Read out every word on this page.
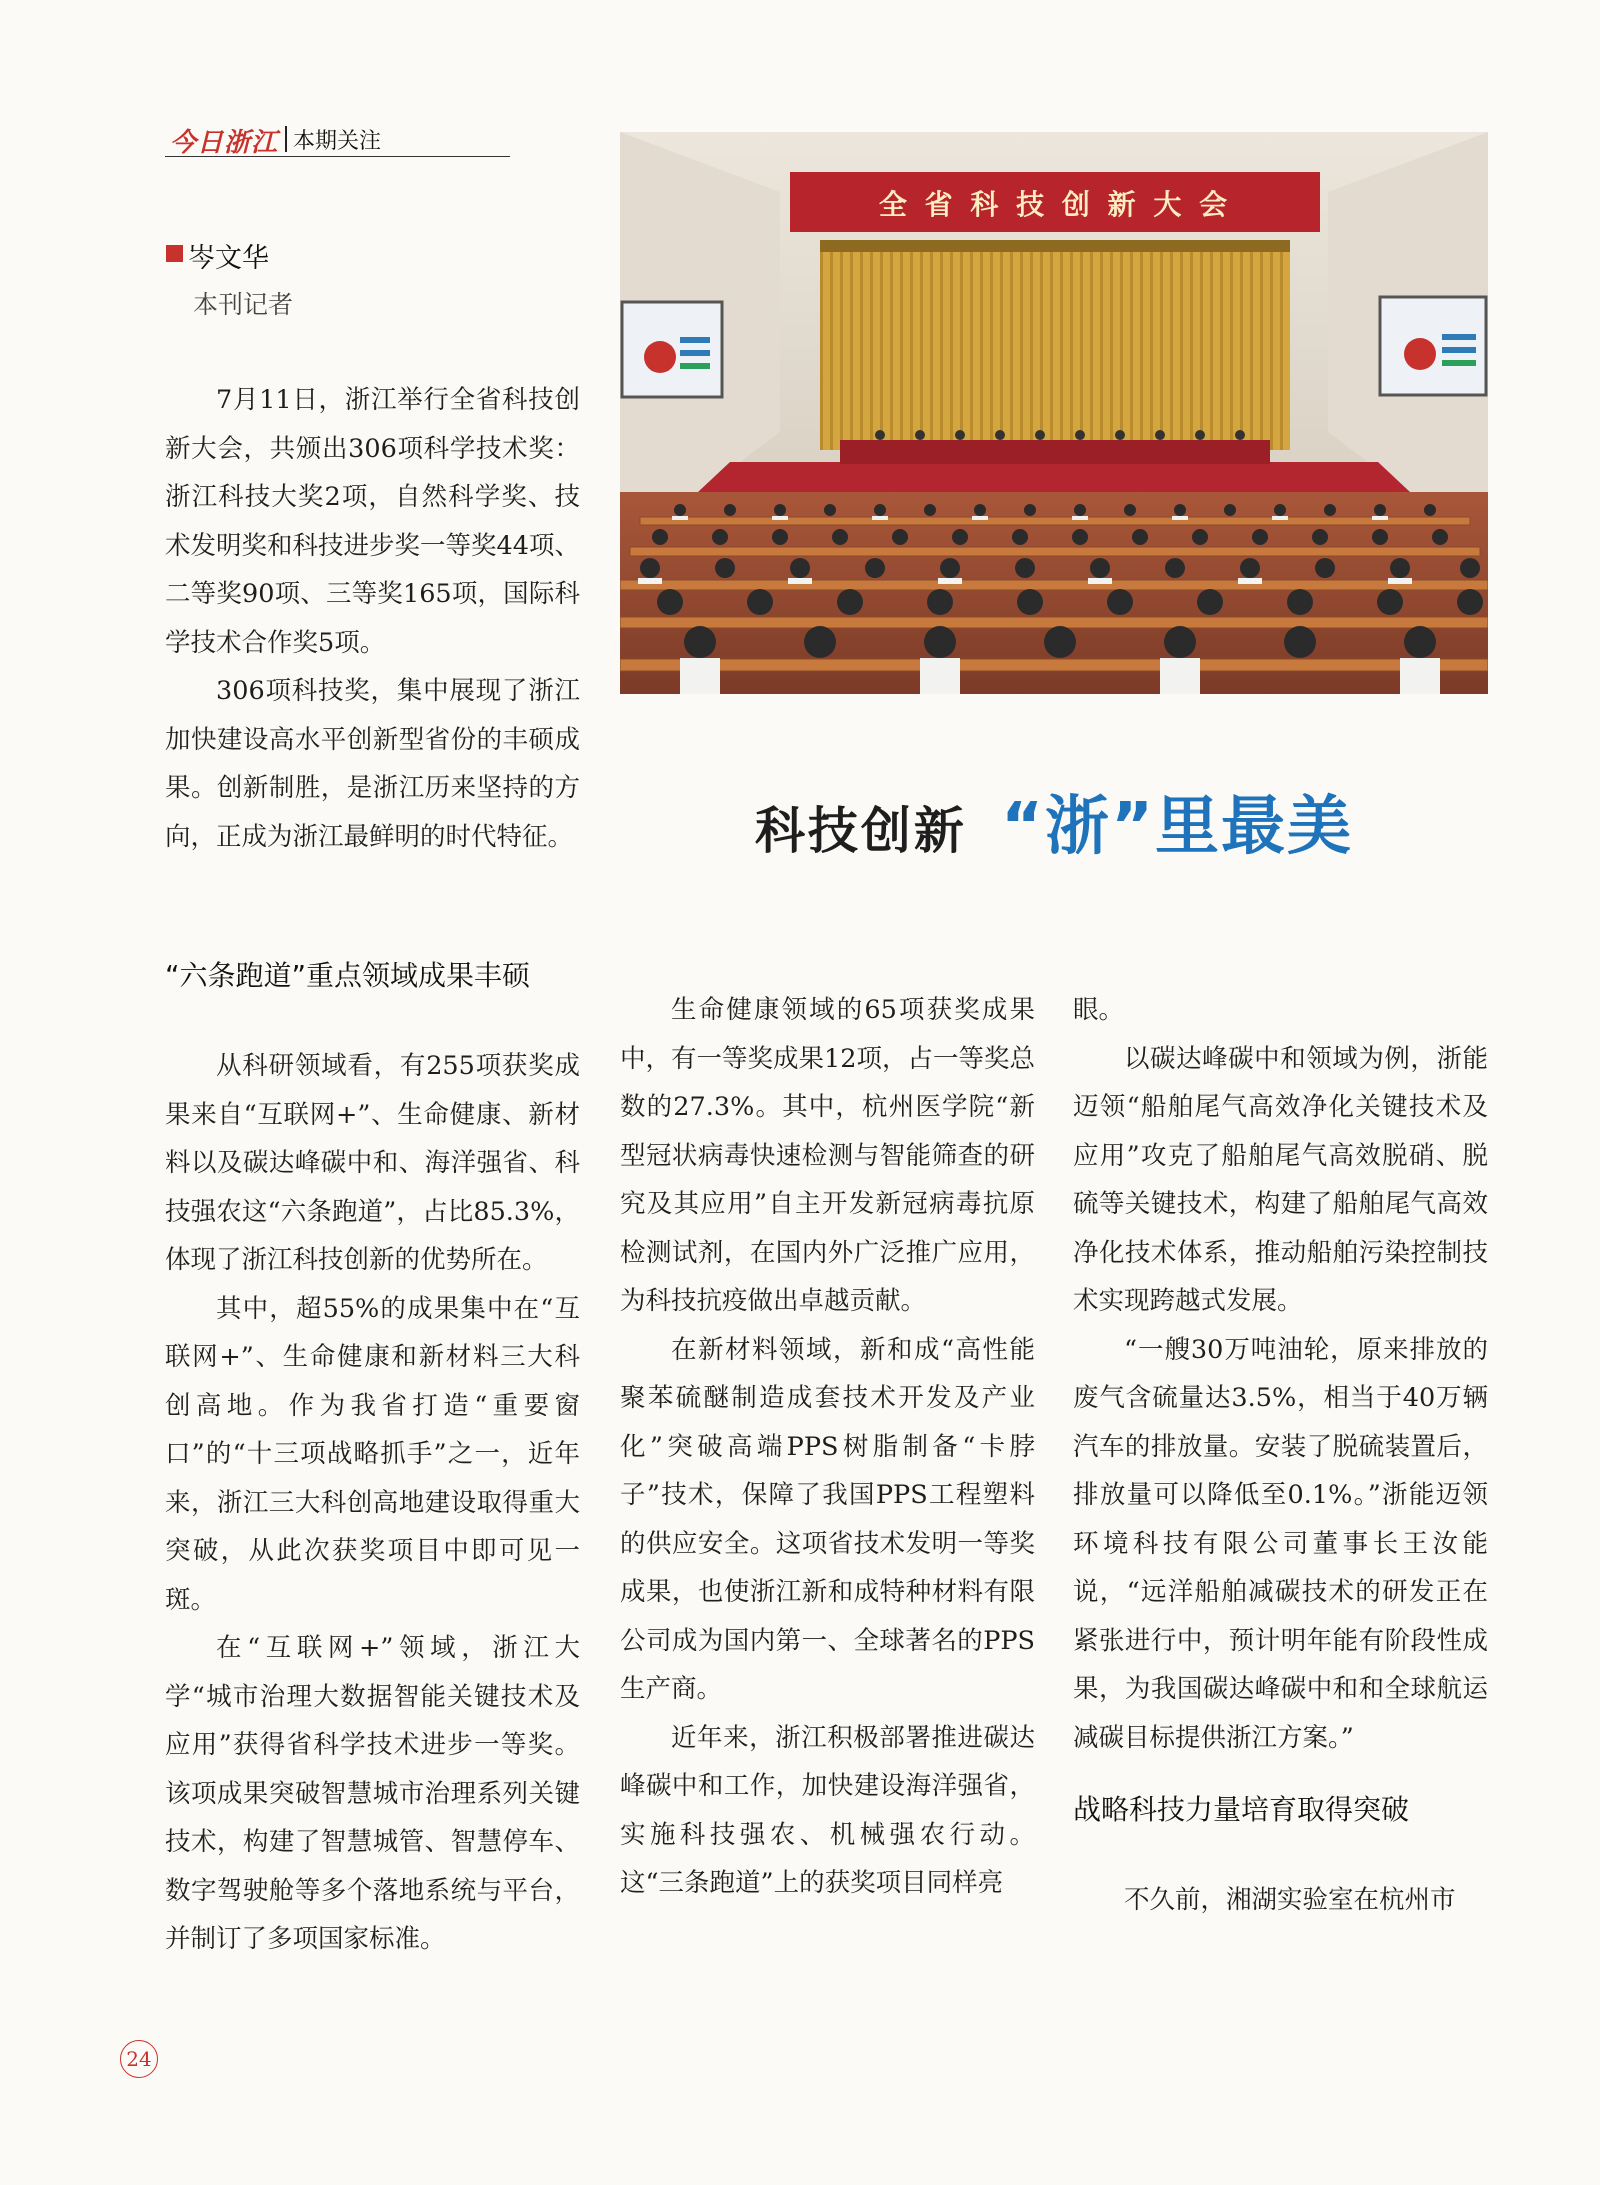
今日浙江 本期关注
岑文华
本刊记者
全 省 科 技 创 新 大 会
科技创新 “浙”里最美

7月11日，浙江举行全省科技创新大会，共颁出306项科学技术奖：浙江科技大奖2项，自然科学奖、技术发明奖和科技进步奖一等奖44项、二等奖90项、三等奖165项，国际科学技术合作奖5项。

306项科技奖，集中展现了浙江加快建设高水平创新型省份的丰硕成果。创新制胜，是浙江历来坚持的方向，正成为浙江最鲜明的时代特征。

“六条跑道”重点领域成果丰硕

从科研领域看，有255项获奖成果来自“互联网+”、生命健康、新材料以及碳达峰碳中和、海洋强省、科技强农这“六条跑道”，占比85.3%，体现了浙江科技创新的优势所在。

其中，超55%的成果集中在“互联网+”、生命健康和新材料三大科创高地。作为我省打造“重要窗口”的“十三项战略抓手”之一，近年来，浙江三大科创高地建设取得重大突破，从此次获奖项目中即可见一斑。

在“互联网+”领域，浙江大学“城市治理大数据智能关键技术及应用”获得省科学技术进步一等奖。该项成果突破智慧城市治理系列关键技术，构建了智慧城管、智慧停车、数字驾驶舱等多个落地系统与平台，并制订了多项国家标准。

生命健康领域的65项获奖成果中，有一等奖成果12项，占一等奖总数的27.3%。其中，杭州医学院“新型冠状病毒快速检测与智能筛查的研究及其应用”自主开发新冠病毒抗原检测试剂，在国内外广泛推广应用，为科技抗疫做出卓越贡献。

在新材料领域，新和成“高性能聚苯硫醚制造成套技术开发及产业化”突破高端PPS树脂制备“卡脖子”技术，保障了我国PPS工程塑料的供应安全。这项省技术发明一等奖成果，也使浙江新和成特种材料有限公司成为国内第一、全球著名的PPS生产商。

近年来，浙江积极部署推进碳达峰碳中和工作，加快建设海洋强省，实施科技强农、机械强农行动。这“三条跑道”上的获奖项目同样亮

眼。

以碳达峰碳中和领域为例，浙能迈领“船舶尾气高效净化关键技术及应用”攻克了船舶尾气高效脱硝、脱硫等关键技术，构建了船舶尾气高效净化技术体系，推动船舶污染控制技术实现跨越式发展。

“一艘30万吨油轮，原来排放的废气含硫量达3.5%，相当于40万辆汽车的排放量。安装了脱硫装置后，排放量可以降低至0.1%。”浙能迈领环境科技有限公司董事长王汝能说，“远洋船舶减碳技术的研发正在紧张进行中，预计明年能有阶段性成果，为我国碳达峰碳中和和全球航运减碳目标提供浙江方案。”

战略科技力量培育取得突破

不久前，湘湖实验室在杭州市

24
